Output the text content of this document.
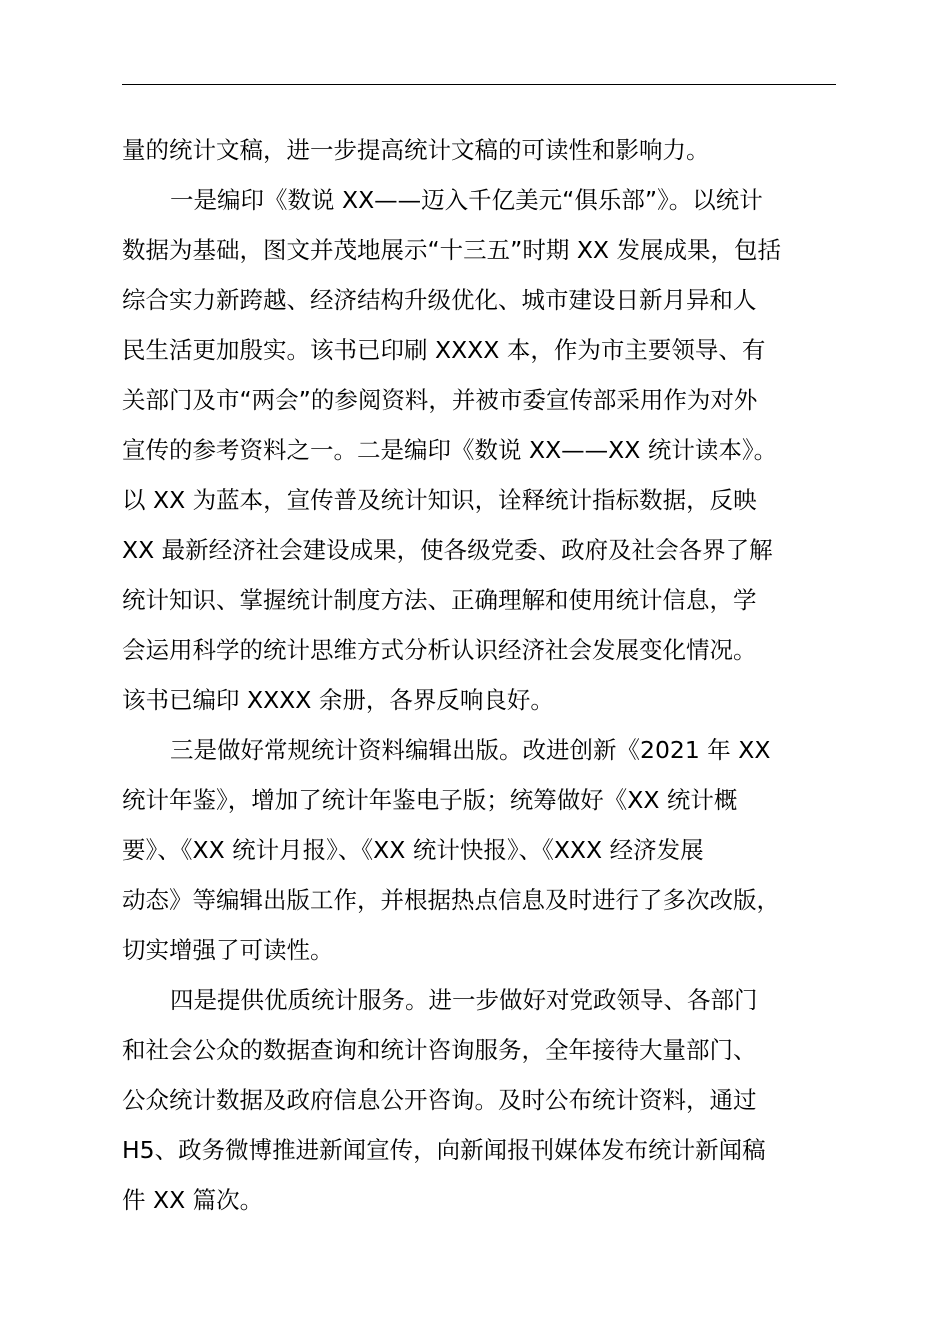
量的统计文稿，进一步提高统计文稿的可读性和影响力。
一是编印《数说 XX——迈入千亿美元“俱乐部”》。以统计
数据为基础，图文并茂地展示“十三五”时期 XX 发展成果，包括
综合实力新跨越、经济结构升级优化、城市建设日新月异和人
民生活更加殷实。该书已印刷 XXXX 本，作为市主要领导、有
关部门及市“两会”的参阅资料，并被市委宣传部采用作为对外
宣传的参考资料之一。二是编印《数说 XX——XX 统计读本》。
以 XX 为蓝本，宣传普及统计知识，诠释统计指标数据，反映
XX 最新经济社会建设成果，使各级党委、政府及社会各界了解
统计知识、掌握统计制度方法、正确理解和使用统计信息，学
会运用科学的统计思维方式分析认识经济社会发展变化情况。
该书已编印 XXXX 余册，各界反响良好。
三是做好常规统计资料编辑出版。改进创新《2021 年 XX
统计年鉴》，增加了统计年鉴电子版；统筹做好《XX 统计概
要》、《XX 统计月报》、《XX 统计快报》、《XXX 经济发展
动态》等编辑出版工作，并根据热点信息及时进行了多次改版，
切实增强了可读性。
四是提供优质统计服务。进一步做好对党政领导、各部门
和社会公众的数据查询和统计咨询服务，全年接待大量部门、
公众统计数据及政府信息公开咨询。及时公布统计资料，通过
H5、政务微博推进新闻宣传，向新闻报刊媒体发布统计新闻稿
件 XX 篇次。
